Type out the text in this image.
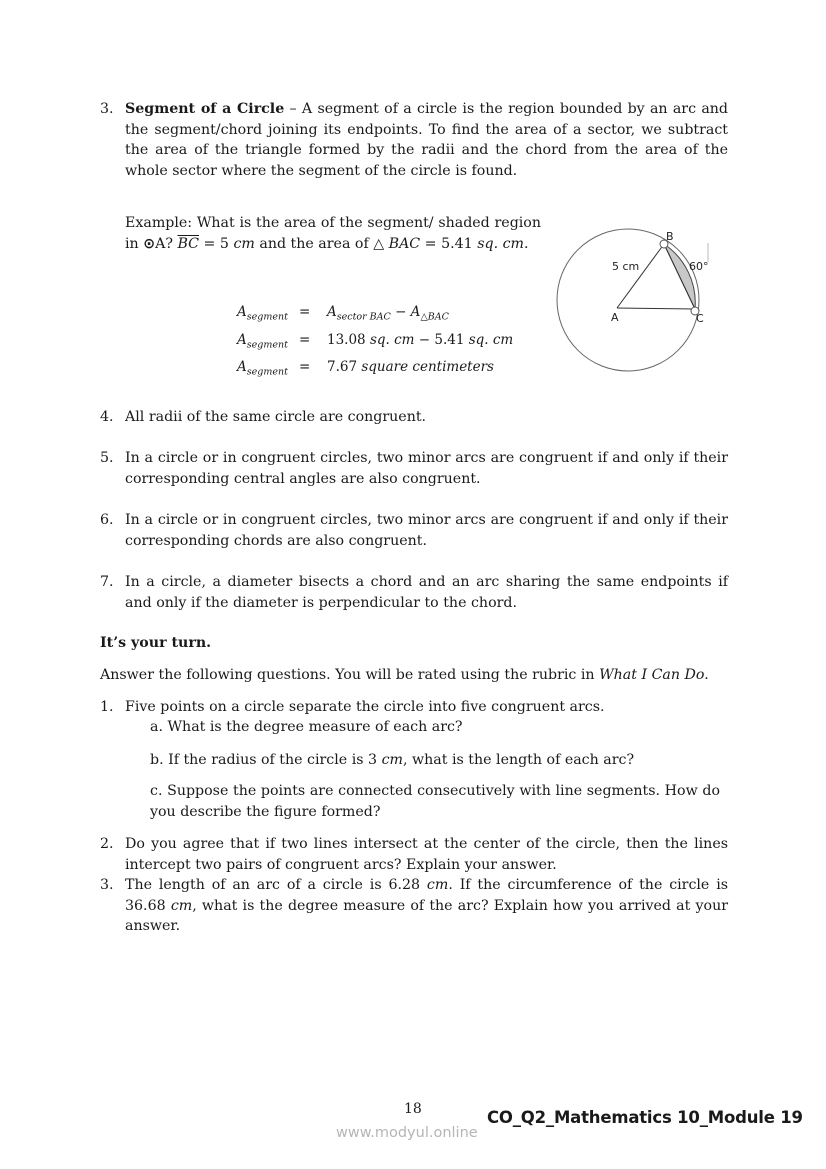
3. Segment of a Circle – A segment of a circle is the region bounded by an arc and the segment/chord joining its endpoints. To find the area of a sector, we subtract the area of the triangle formed by the radii and the chord from the area of the whole sector where the segment of the circle is found.
Example: What is the area of the segment/ shaded region in ⊙A? $\overline{BC} = 5$ cm and the area of △ BAC = 5.41 sq. cm.
$A_{segment}$ =	$A_{sector BAC} - A_{\triangle BAC}$
$A_{segment}$ =	13.08 sq. cm − 5.41 sq. cm
$A_{segment}$ =	7.67 square centimeters
5 cm	60°
A
B
C
4. All radii of the same circle are congruent.
5. In a circle or in congruent circles, two minor arcs are congruent if and only if their corresponding central angles are also congruent.
6. In a circle or in congruent circles, two minor arcs are congruent if and only if their corresponding chords are also congruent.
7. In a circle, a diameter bisects a chord and an arc sharing the same endpoints if and only if the diameter is perpendicular to the chord.
It’s your turn.
Answer the following questions. You will be rated using the rubric in What I Can Do.
1. Five points on a circle separate the circle into five congruent arcs.
a. What is the degree measure of each arc?
b. If the radius of the circle is 3 cm, what is the length of each arc?
c. Suppose the points are connected consecutively with line segments. How do you describe the figure formed?
2. Do you agree that if two lines intersect at the center of the circle, then the lines intercept two pairs of congruent arcs? Explain your answer.
3. The length of an arc of a circle is 6.28 cm. If the circumference of the circle is 36.68 cm, what is the degree measure of the arc? Explain how you arrived at your answer.
18	CO_Q2_Mathematics 10_Module 19
www.modyul.online
